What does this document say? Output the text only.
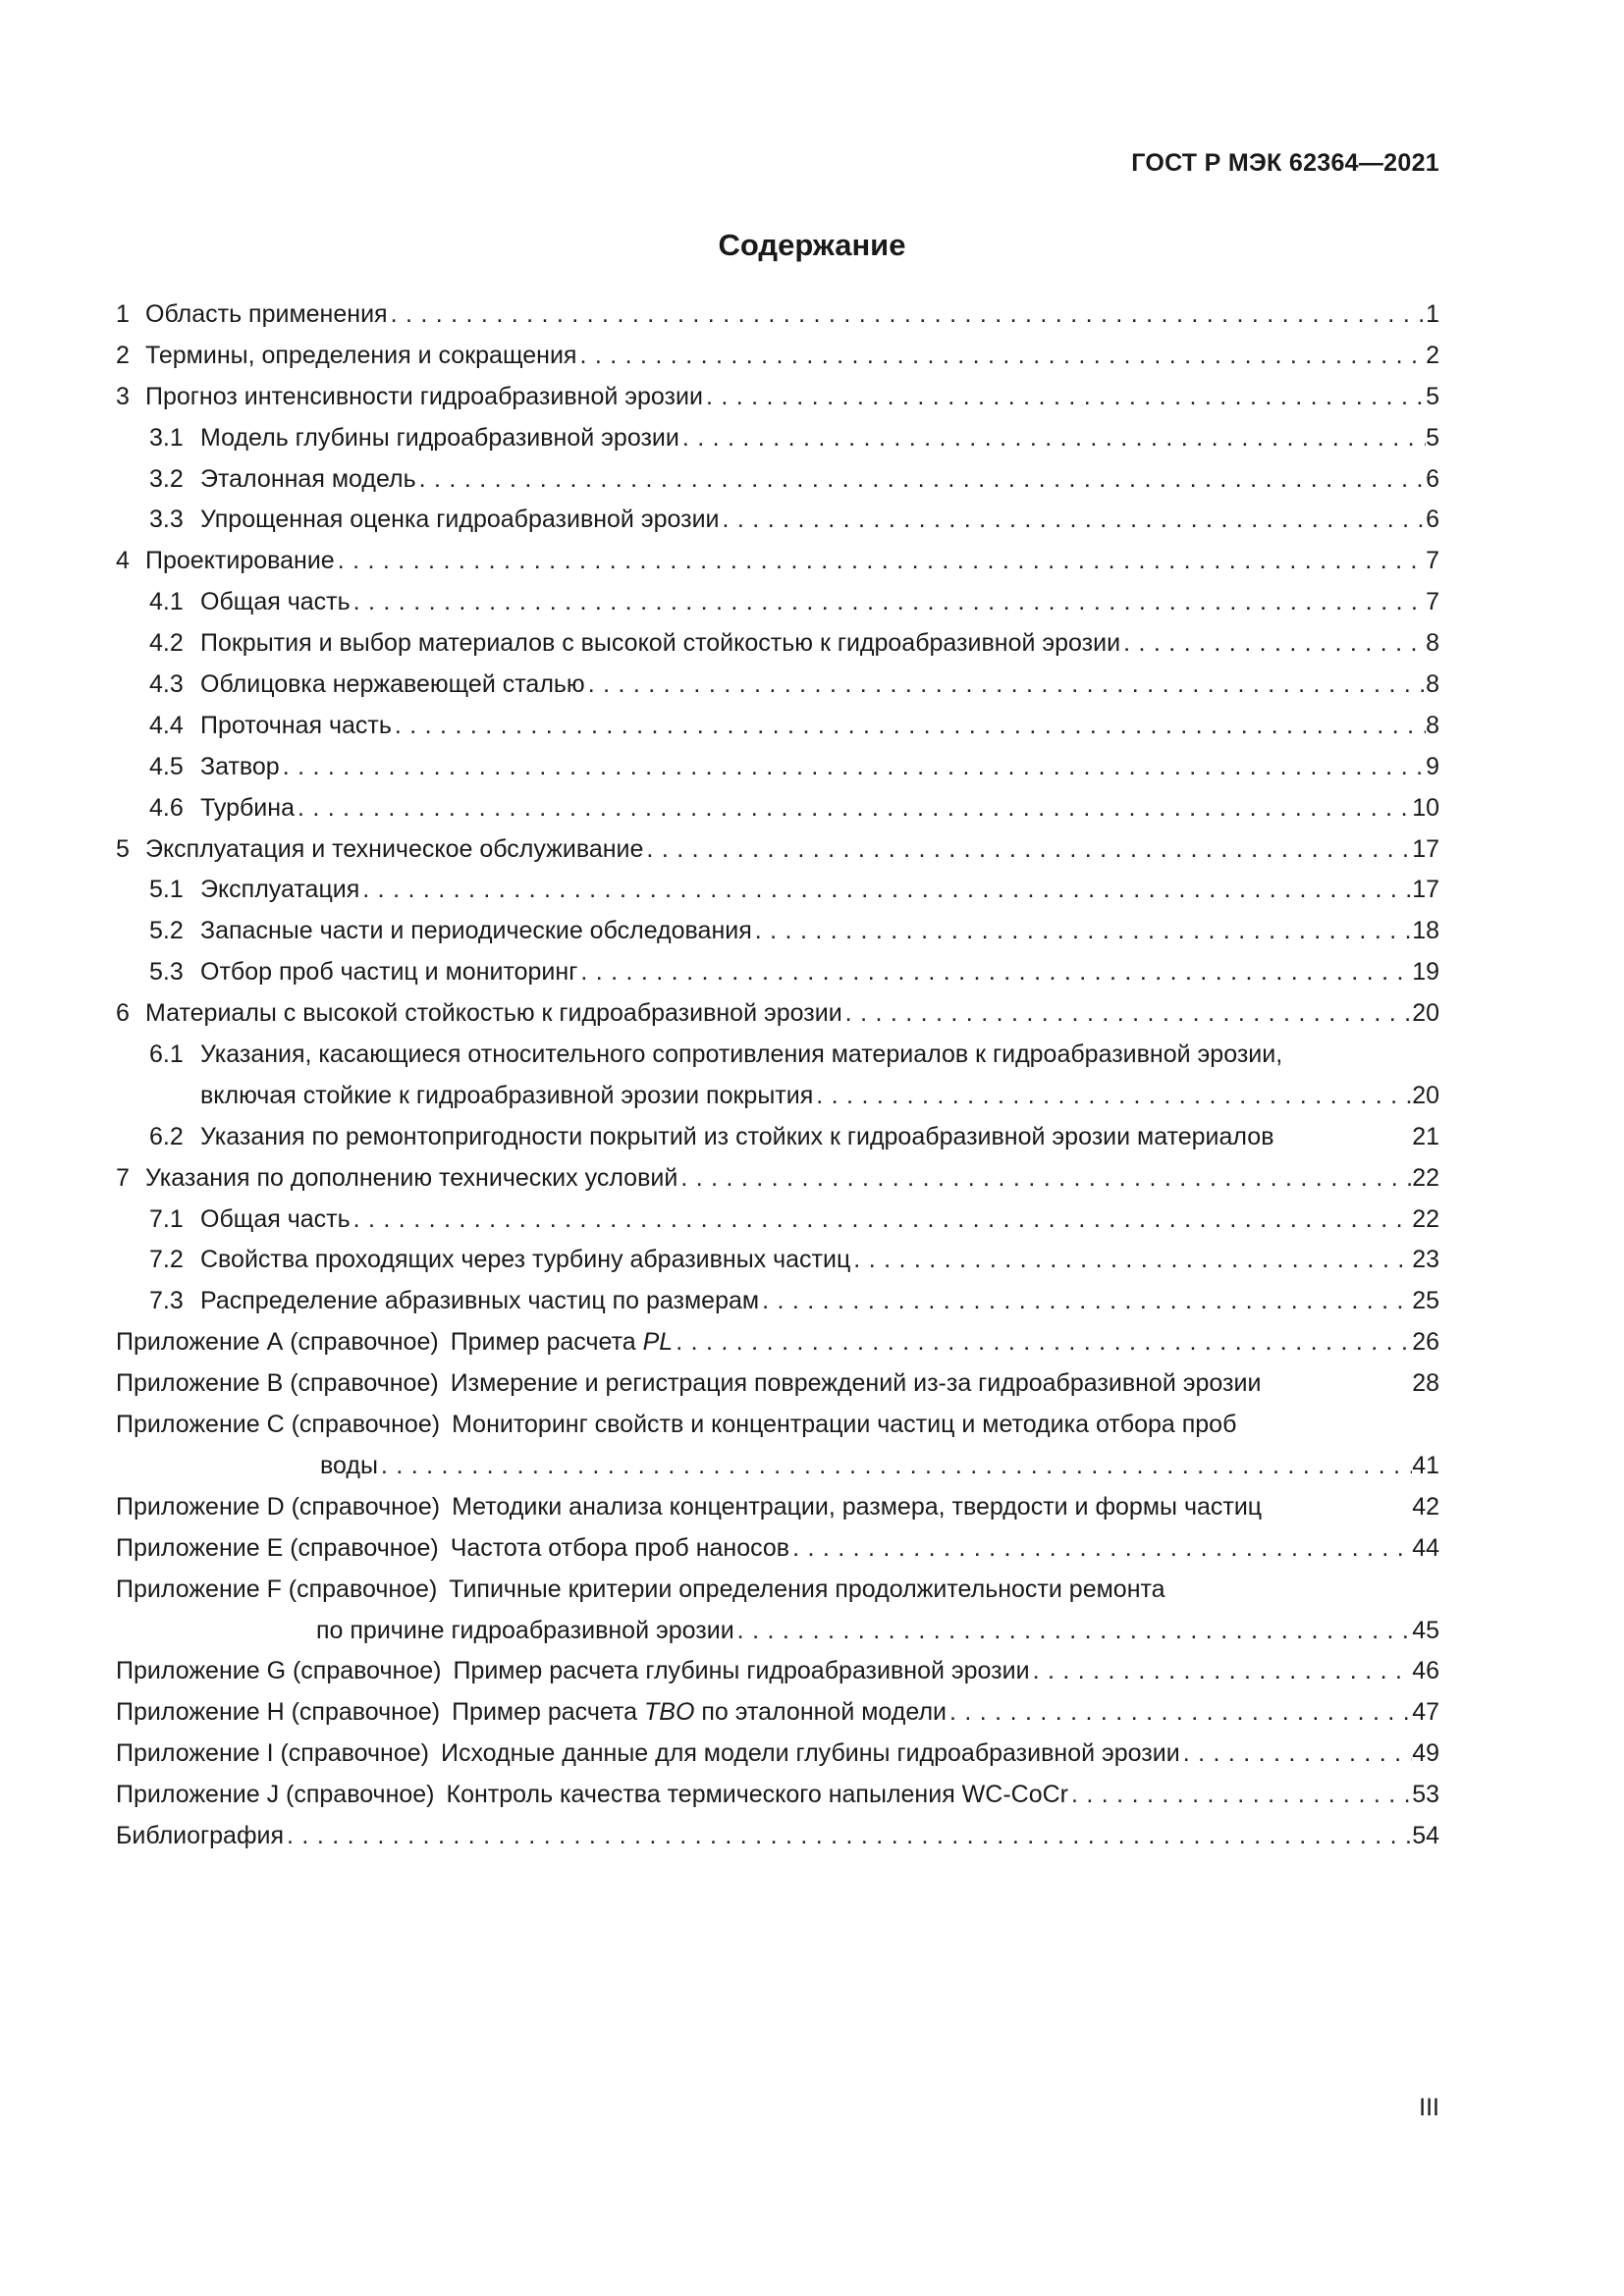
ГОСТ Р МЭК 62364—2021
Содержание
1 Область применения . . .	1
2 Термины, определения и сокращения . . .	2
3 Прогноз интенсивности гидроабразивной эрозии . . .	5
3.1 Модель глубины гидроабразивной эрозии . . .	5
3.2 Эталонная модель . . .	6
3.3 Упрощенная оценка гидроабразивной эрозии . . .	6
4 Проектирование . . .	7
4.1 Общая часть . . .	7
4.2 Покрытия и выбор материалов с высокой стойкостью к гидроабразивной эрозии . . .	8
4.3 Облицовка нержавеющей сталью . . .	8
4.4 Проточная часть . . .	8
4.5 Затвор . . .	9
4.6 Турбина . . .	10
5 Эксплуатация и техническое обслуживание . . .	17
5.1 Эксплуатация . . .	17
5.2 Запасные части и периодические обследования . . .	18
5.3 Отбор проб частиц и мониторинг . . .	19
6 Материалы с высокой стойкостью к гидроабразивной эрозии . . .	20
6.1 Указания, касающиеся относительного сопротивления материалов к гидроабразивной эрозии,
включая стойкие к гидроабразивной эрозии покрытия . . .	20
6.2 Указания по ремонтопригодности покрытий из стойких к гидроабразивной эрозии материалов	21
7 Указания по дополнению технических условий . . .	22
7.1 Общая часть . . .	22
7.2 Свойства проходящих через турбину абразивных частиц . . .	23
7.3 Распределение абразивных частиц по размерам . . .	25
Приложение А (справочное) Пример расчета PL . . .	26
Приложение В (справочное) Измерение и регистрация повреждений из-за гидроабразивной эрозии	28
Приложение С (справочное) Мониторинг свойств и концентрации частиц и методика отбора проб
воды . . .	41
Приложение D (справочное) Методики анализа концентрации, размера, твердости и формы частиц	42
Приложение Е (справочное) Частота отбора проб наносов . . .	44
Приложение F (справочное) Типичные критерии определения продолжительности ремонта
по причине гидроабразивной эрозии . . .	45
Приложение G (справочное) Пример расчета глубины гидроабразивной эрозии . . .	46
Приложение Н (справочное) Пример расчета TBO по эталонной модели . . .	47
Приложение I (справочное) Исходные данные для модели глубины гидроабразивной эрозии . . .	49
Приложение J (справочное) Контроль качества термического напыления WC-CoCr . . .	53
Библиография . . .	54
III
